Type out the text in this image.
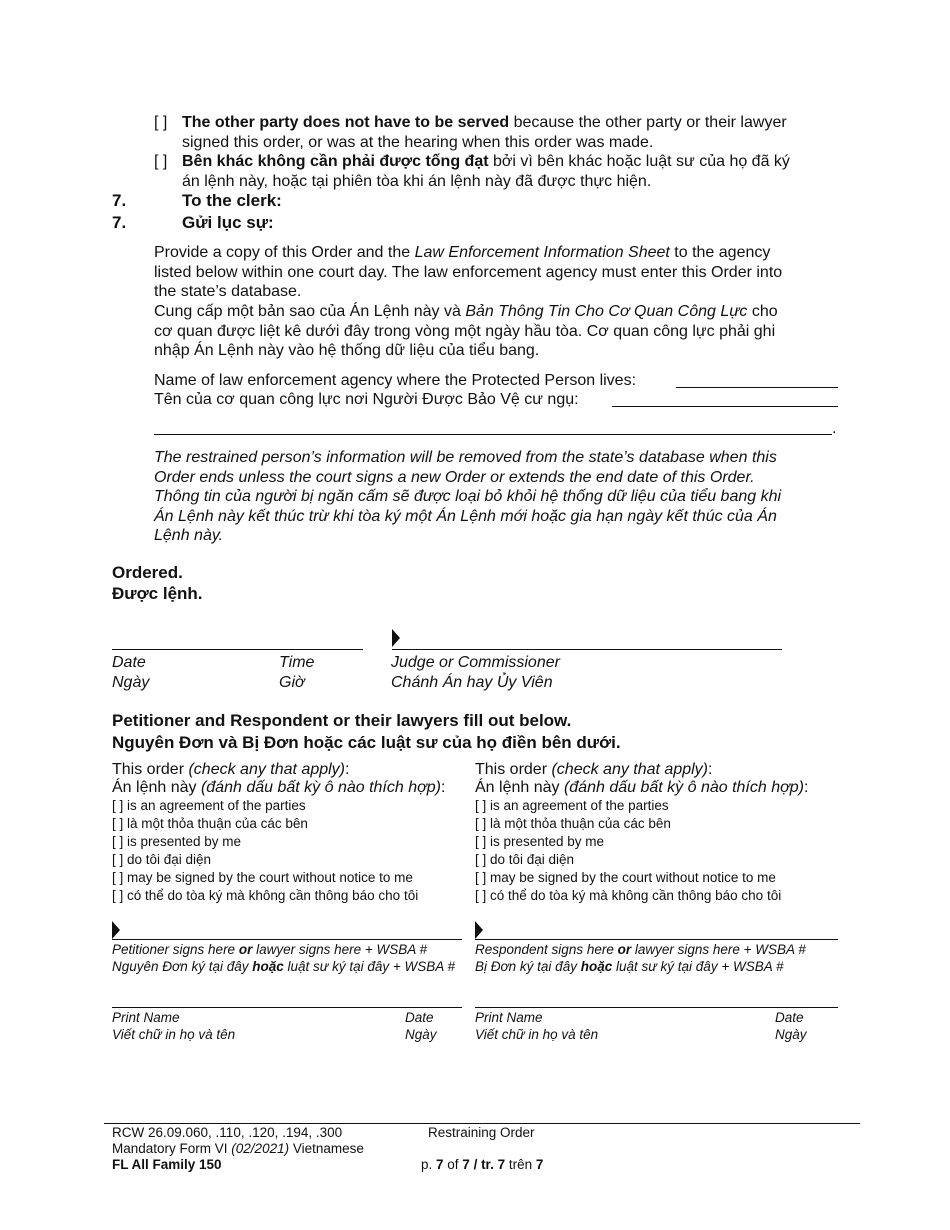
[ ] The other party does not have to be served because the other party or their lawyer
signed this order, or was at the hearing when this order was made.
[ ] Bên khác không cần phải được tống đạt bởi vì bên khác hoặc luật sư của họ đã ký
án lệnh này, hoặc tại phiên tòa khi án lệnh này đã được thực hiện.
7.	To the clerk:
7.	Gửi lục sự:
Provide a copy of this Order and the Law Enforcement Information Sheet to the agency
listed below within one court day. The law enforcement agency must enter this Order into
the state’s database.
Cung cấp một bản sao của Án Lệnh này và Bản Thông Tin Cho Cơ Quan Công Lực cho
cơ quan được liệt kê dưới đây trong vòng một ngày hầu tòa. Cơ quan công lực phải ghi
nhập Án Lệnh này vào hệ thống dữ liệu của tiểu bang.
Name of law enforcement agency where the Protected Person lives:
Tên của cơ quan công lực nơi Người Được Bảo Vệ cư ngụ:
.
The restrained person’s information will be removed from the state’s database when this
Order ends unless the court signs a new Order or extends the end date of this Order.
Thông tin của người bị ngăn cấm sẽ được loại bỏ khỏi hệ thống dữ liệu của tiểu bang khi
Án Lệnh này kết thúc trừ khi tòa ký một Án Lệnh mới hoặc gia hạn ngày kết thúc của Án
Lệnh này.
Ordered.
Được lệnh.
Date	Time	Judge or Commissioner
Ngày	Giờ	Chánh Án hay Ủy Viên
Petitioner and Respondent or their lawyers fill out below.
Nguyên Đơn và Bị Đơn hoặc các luật sư của họ điền bên dưới.
This order (check any that apply):
Án lệnh này (đánh dấu bất kỳ ô nào thích hợp):
[ ] is an agreement of the parties
[ ] là một thỏa thuận của các bên
[ ] is presented by me
[ ] do tôi đại diện
[ ] may be signed by the court without notice to me
[ ] có thể do tòa ký mà không cần thông báo cho tôi
This order (check any that apply):
Án lệnh này (đánh dấu bất kỳ ô nào thích hợp):
[ ] is an agreement of the parties
[ ] là một thỏa thuận của các bên
[ ] is presented by me
[ ] do tôi đại diện
[ ] may be signed by the court without notice to me
[ ] có thể do tòa ký mà không cần thông báo cho tôi
Petitioner signs here or lawyer signs here + WSBA #
Nguyên Đơn ký tại đây hoặc luật sư ký tại đây + WSBA #
Respondent signs here or lawyer signs here + WSBA #
Bị Đơn ký tại đây hoặc luật sư ký tại đây + WSBA #
Print Name
Viết chữ in họ và tên
Date
Ngày
Print Name
Viết chữ in họ và tên
Date
Ngày
RCW 26.09.060, .110, .120, .194, .300
Mandatory Form VI (02/2021) Vietnamese
FL All Family 150
Restraining Order
p. 7 of 7 / tr. 7 trên 7
